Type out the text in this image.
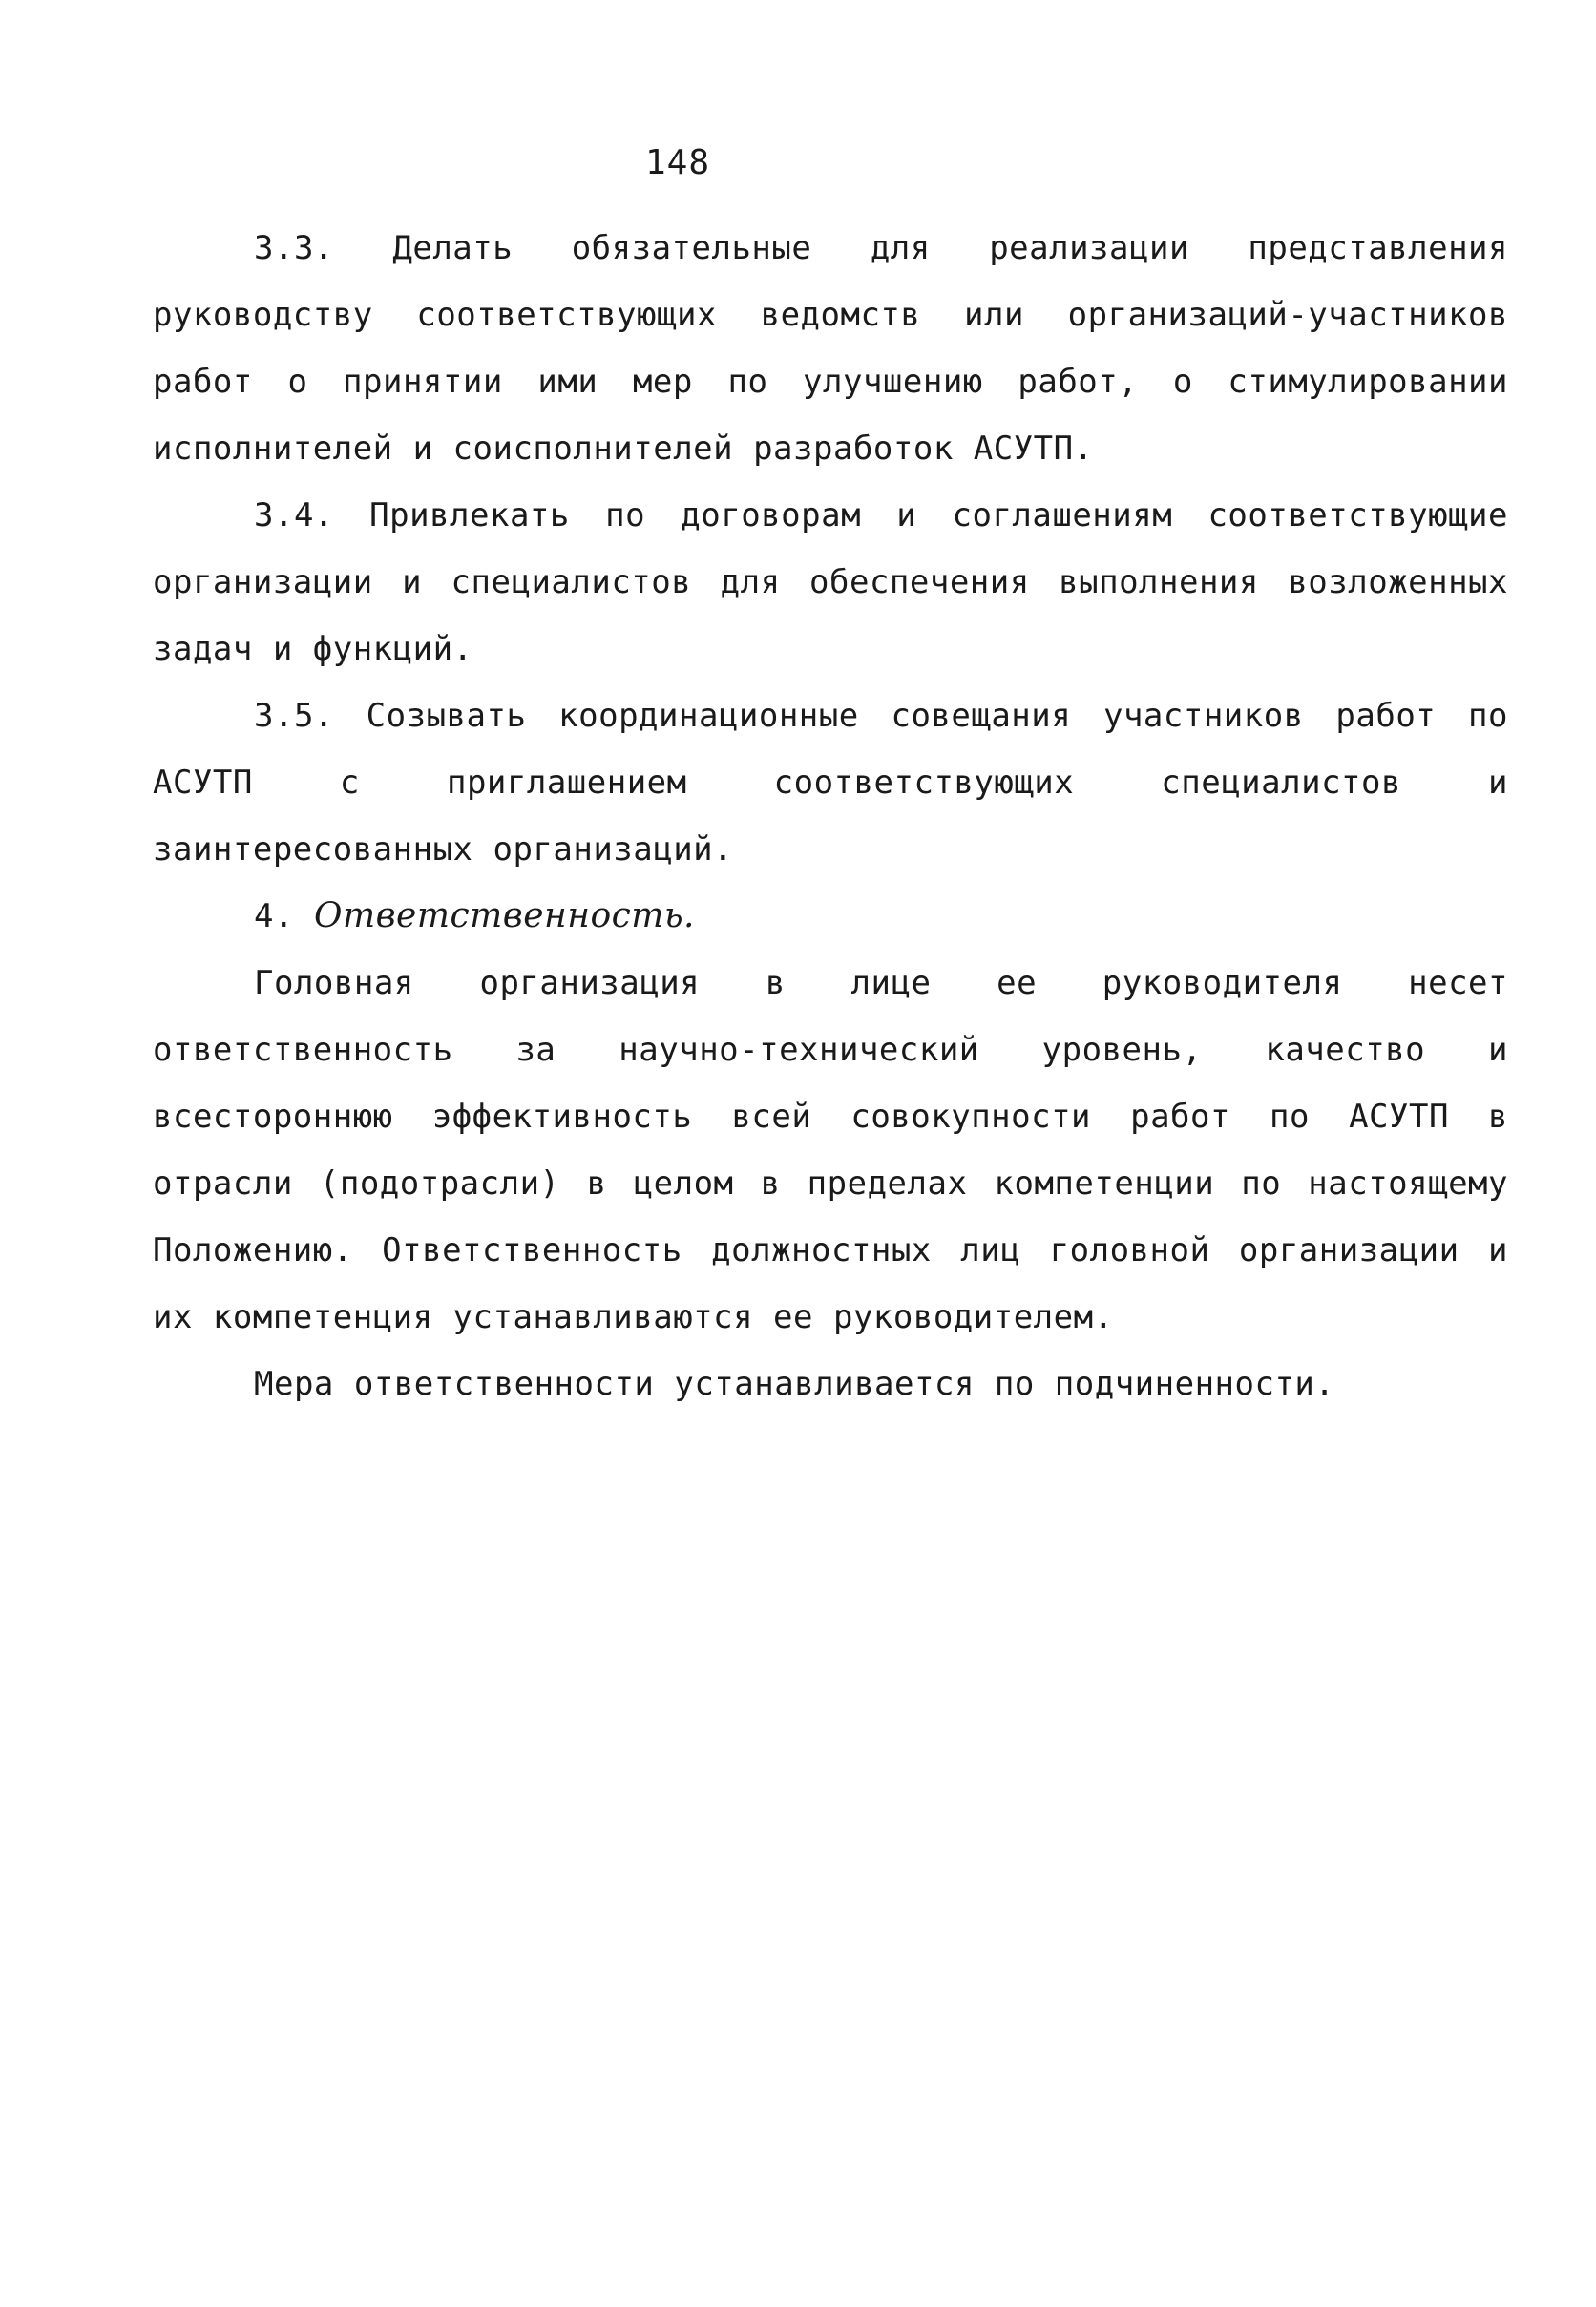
148

3.3. Делать обязательные для реализации представления руководству соответствующих ведомств или организаций-участников работ о принятии ими мер по улучшению работ, о стимулировании исполнителей и соисполнителей разработок АСУТП.

3.4. Привлекать по договорам и соглашениям соответствующие организации и специалистов для обеспечения выполнения возложенных задач и функций.

3.5. Созывать координационные совещания участников работ по АСУТП с приглашением соответствующих специалистов и заинтересованных организаций.

4. Ответственность.

Головная организация в лице ее руководителя несет ответственность за научно-технический уровень, качество и всестороннюю эффективность всей совокупности работ по АСУТП в отрасли (подотрасли) в целом в пределах компетенции по настоящему Положению. Ответственность должностных лиц головной организации и их компетенция устанавливаются ее руководителем.

Мера ответственности устанавливается по подчиненности.
